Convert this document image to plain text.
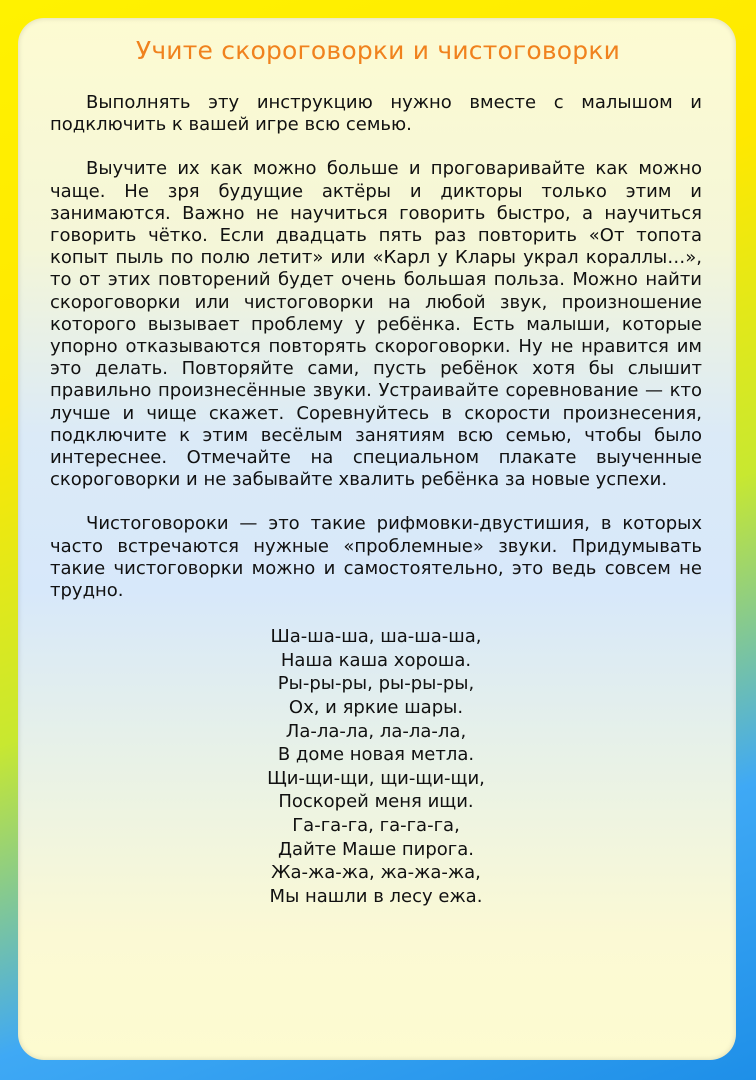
Учите скороговорки и чистоговорки

Выполнять эту инструкцию нужно вместе с малышом и подключить к вашей игре всю семью.

Выучите их как можно больше и проговаривайте как можно чаще. Не зря будущие актёры и дикторы только этим и занимаются. Важно не научиться говорить быстро, а научиться говорить чётко. Если двадцать пять раз повторить «От топота копыт пыль по полю летит» или «Карл у Клары украл кораллы…», то от этих повторений будет очень большая польза. Можно найти скороговорки или чистоговорки на любой звук, произношение которого вызывает проблему у ребёнка. Есть малыши, которые упорно отказываются повторять скороговорки. Ну не нравится им это делать. Повторяйте сами, пусть ребёнок хотя бы слышит правильно произнесённые звуки. Устраивайте соревнование — кто лучше и чище скажет. Соревнуйтесь в скорости произнесения, подключите к этим весёлым занятиям всю семью, чтобы было интереснее. Отмечайте на специальном плакате выученные скороговорки и не забывайте хвалить ребёнка за новые успехи.

Чистоговороки — это такие рифмовки-двустишия, в которых часто встречаются нужные «проблемные» звуки. Придумывать такие чистоговорки можно и самостоятельно, это ведь совсем не трудно.

Ша-ша-ша, ша-ша-ша,
Наша каша хороша.
Ры-ры-ры, ры-ры-ры,
Ох, и яркие шары.
Ла-ла-ла, ла-ла-ла,
В доме новая метла.
Щи-щи-щи, щи-щи-щи,
Поскорей меня ищи.
Га-га-га, га-га-га,
Дайте Маше пирога.
Жа-жа-жа, жа-жа-жа,
Мы нашли в лесу ежа.
